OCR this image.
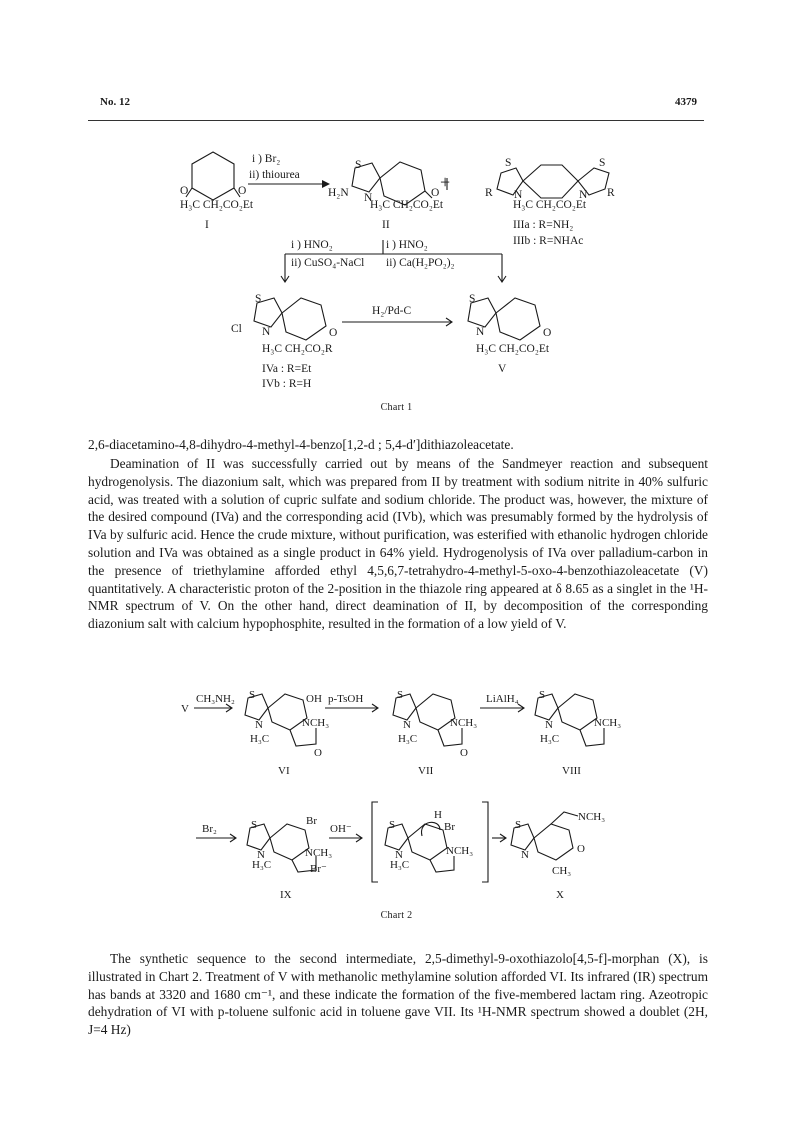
No. 12	4379
i ) Br₂
ii) thiourea
O	O
H₃C CH₂CO₂Et
I
S
N
H₂N	O
H₃C CH₂CO₂Et
II
+
S	S
N	N
R	R
H₃C CH₂CO₂Et
IIIa : R=NH₂
IIIb : R=NHAc
i ) HNO₂
ii) CuSO₄-NaCl
i ) HNO₂
ii) Ca(H₂PO₂)₂
H₂/Pd-C
S
N
Cl	O
H₃C CH₂CO₂R
IVa : R=Et
IVb : R=H
S
N	O
H₃C CH₂CO₂Et
V
Chart 1

2,6-diacetamino-4,8-dihydro-4-methyl-4-benzo[1,2-d ; 5,4-d′]dithiazoleacetate.

Deamination of II was successfully carried out by means of the Sandmeyer reaction and subsequent hydrogenolysis. The diazonium salt, which was prepared from II by treatment with sodium nitrite in 40% sulfuric acid, was treated with a solution of cupric sulfate and sodium chloride. The product was, however, the mixture of the desired compound (IVa) and the corresponding acid (IVb), which was presumably formed by the hydrolysis of IVa by sulfuric acid. Hence the crude mixture, without purification, was esterified with ethanolic hydrogen chloride solution and IVa was obtained as a single product in 64% yield. Hydrogenolysis of IVa over palladium-carbon in the presence of triethylamine afforded ethyl 4,5,6,7-tetrahydro-4-methyl-5-oxo-4-benzothiazoleacetate (V) quantitatively. A characteristic proton of the 2-position in the thiazole ring appeared at δ 8.65 as a singlet in the ¹H-NMR spectrum of V. On the other hand, direct deamination of II, by decomposition of the corresponding diazonium salt with calcium hypophosphite, resulted in the formation of a low yield of V.

V
CH₃NH₂	p-TsOH	LiAlH₄
S
N
OH
NCH₃
H₃C
O
VI
S
N	NCH₃
H₃C
O
VII
S
N	NCH₃
H₃C
VIII
Br₂	S
N
Br
NCH₃
H₃C	Br⁻
OH⁻
IX
S
N
H
Br
NCH₃
H₃C
S
N
NCH₃
O
CH₃
X
Chart 2

The synthetic sequence to the second intermediate, 2,5-dimethyl-9-oxothiazolo[4,5-f]-morphan (X), is illustrated in Chart 2. Treatment of V with methanolic methylamine solution afforded VI. Its infrared (IR) spectrum has bands at 3320 and 1680 cm⁻¹, and these indicate the formation of the five-membered lactam ring. Azeotropic dehydration of VI with p-toluene sulfonic acid in toluene gave VII. Its ¹H-NMR spectrum showed a doublet (2H, J=4 Hz)
